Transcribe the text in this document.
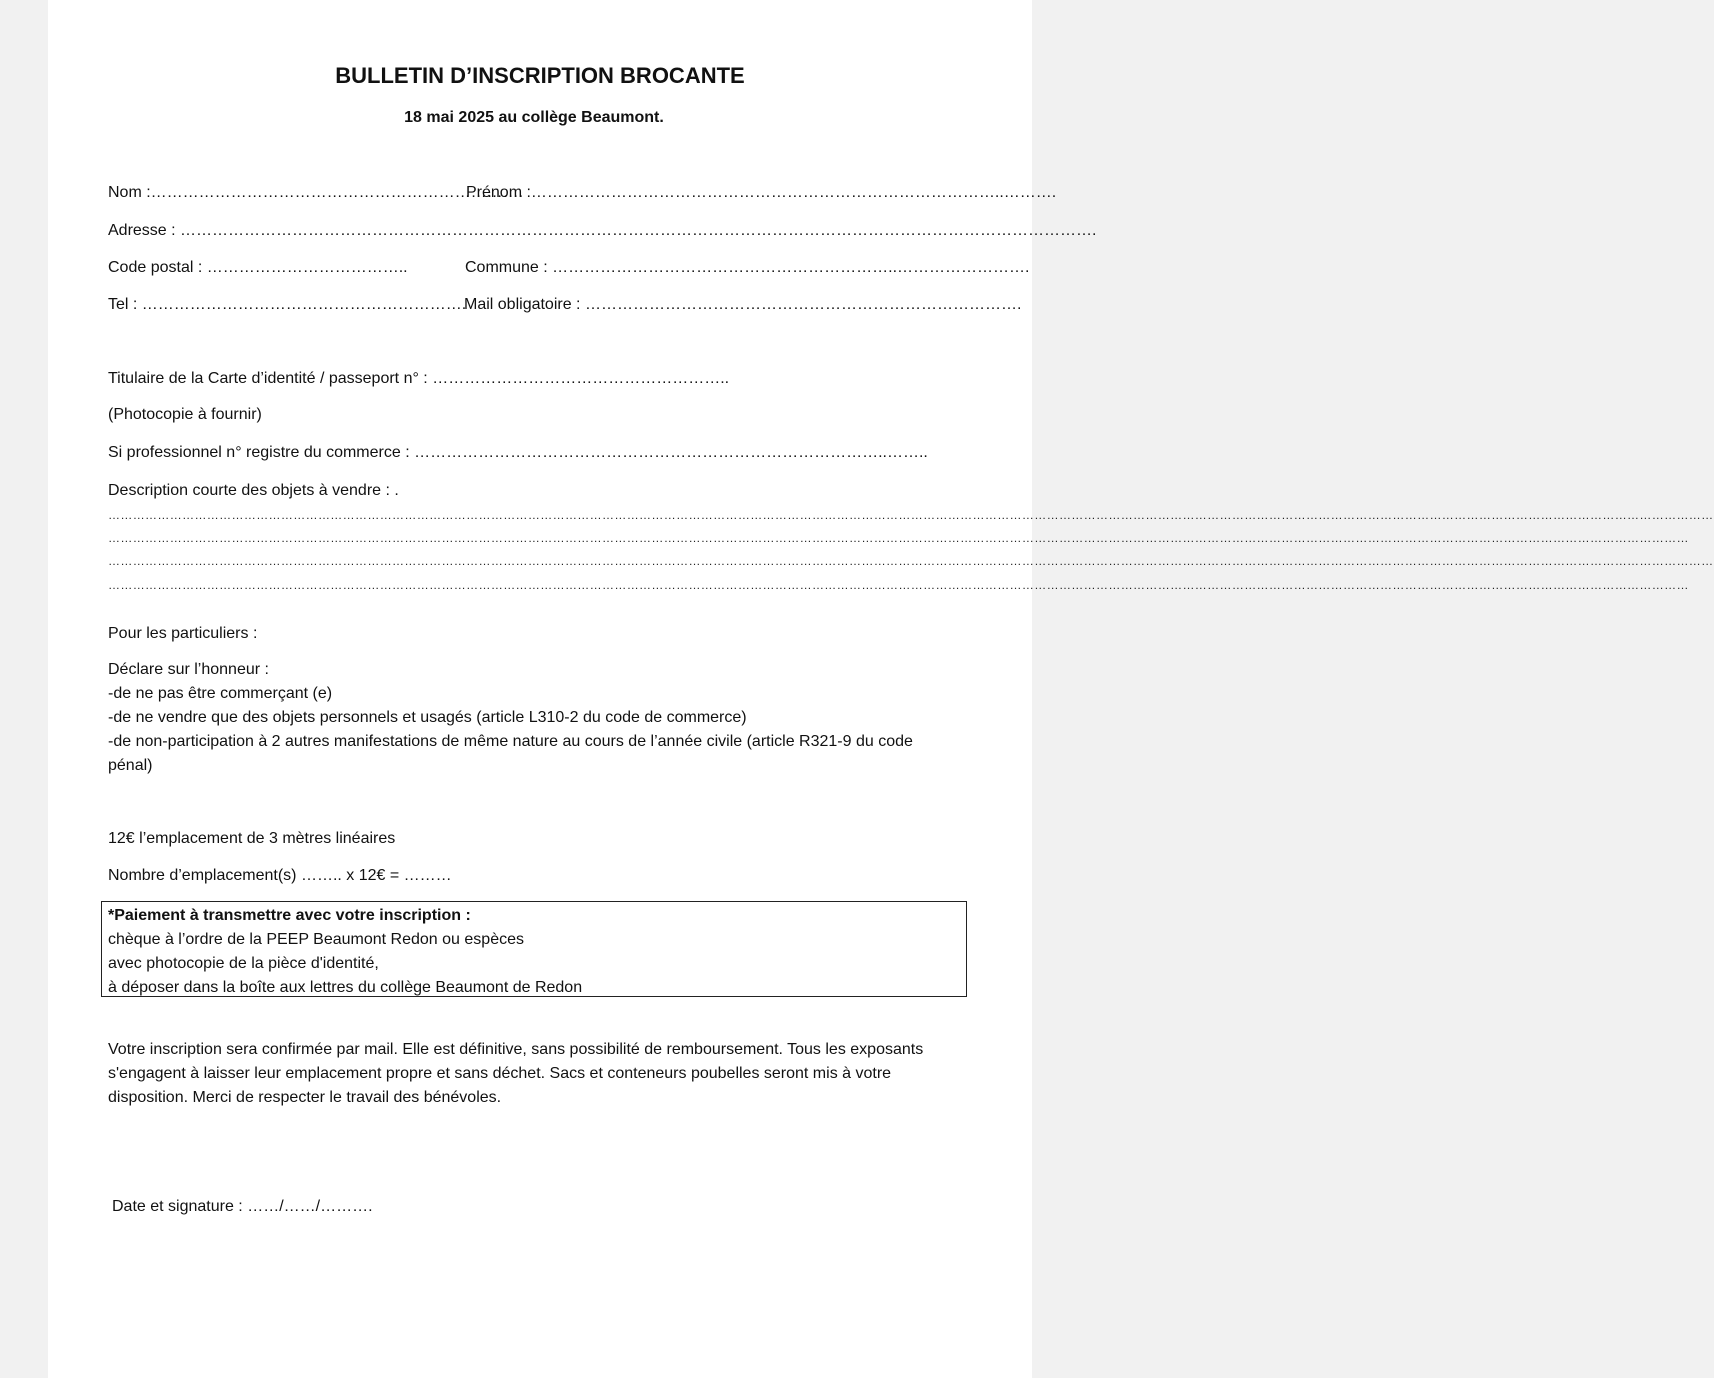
BULLETIN D’INSCRIPTION BROCANTE
18 mai 2025 au collège Beaumont.
Nom :…………………………………………………………….
Prénom :……………………………………………………………………………..……….
Adresse : ……………………………………………………………………………………………………………………………………………………….
Code postal : ………………………………..	Commune : ………………………………………………………..…………………….
Tel : …………………………………………………….
Mail obligatoire : ……………………………………………………………………….
Titulaire de la Carte d’identité / passeport n° : ………………………………………………..
(Photocopie à fournir)
Si professionnel n° registre du commerce : ……………………………………………………………………………..……..
Description courte des objets à vendre : .
…………………………………………………………………………………………………………………………………………………………………………………………………………………………………………………………………………………………………………………………………………………………
……………………………………………………………………………………………………………………………………………………………………………………………………………………………………………………………………………………………………………………………………………………
…………………………………………………………………………………………………………………………………………………………………………………………………………………………………………………………………………………………………………………………………………………………
……………………………………………………………………………………………………………………………………………………………………………………………………………………………………………………………………………………………………………………………………………………
Pour les particuliers :
Déclare sur l’honneur :
-de ne pas être commerçant (e)
-de ne vendre que des objets personnels et usagés (article L310-2 du code de commerce)
-de non-participation à 2 autres manifestations de même nature au cours de l’année civile (article R321-9 du code
pénal)
12€ l’emplacement de 3 mètres linéaires
Nombre d’emplacement(s) …….. x 12€ = ………
*Paiement à transmettre avec votre inscription :
chèque à l’ordre de la PEEP Beaumont Redon ou espèces
avec photocopie de la pièce d'identité,
à déposer dans la boîte aux lettres du collège Beaumont de Redon
Votre inscription sera confirmée par mail. Elle est définitive, sans possibilité de remboursement. Tous les exposants
s'engagent à laisser leur emplacement propre et sans déchet. Sacs et conteneurs poubelles seront mis à votre
disposition. Merci de respecter le travail des bénévoles.
Date et signature : ……/……/……….
